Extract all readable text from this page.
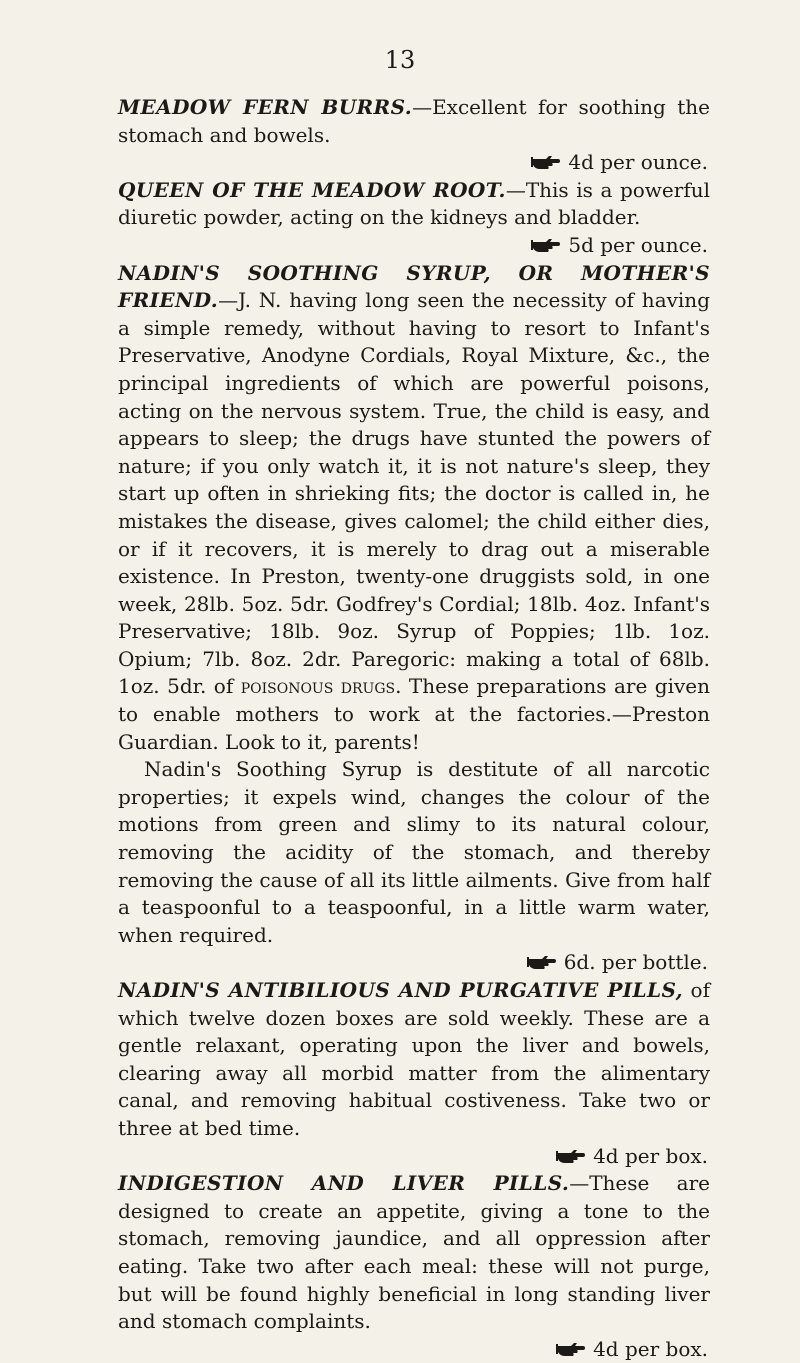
13

MEADOW FERN BURRS.—Excellent for soothing the stomach and bowels.
4d per ounce.

QUEEN OF THE MEADOW ROOT.—This is a powerful diuretic powder, acting on the kidneys and bladder.
5d per ounce.

NADIN'S SOOTHING SYRUP, OR MOTHER'S FRIEND.—J. N. having long seen the necessity of having a simple remedy, without having to resort to Infant's Preservative, Anodyne Cordials, Royal Mixture, &c., the principal ingredients of which are powerful poisons, acting on the nervous system. True, the child is easy, and appears to sleep; the drugs have stunted the powers of nature; if you only watch it, it is not nature's sleep, they start up often in shrieking fits; the doctor is called in, he mistakes the disease, gives calomel; the child either dies, or if it recovers, it is merely to drag out a miserable existence. In Preston, twenty-one druggists sold, in one week, 28lb. 5oz. 5dr. Godfrey's Cordial; 18lb. 4oz. Infant's Preservative; 18lb. 9oz. Syrup of Poppies; 1lb. 1oz. Opium; 7lb. 8oz. 2dr. Paregoric: making a total of 68lb. 1oz. 5dr. of poisonous drugs. These preparations are given to enable mothers to work at the factories.—Preston Guardian. Look to it, parents!

Nadin's Soothing Syrup is destitute of all narcotic properties; it expels wind, changes the colour of the motions from green and slimy to its natural colour, removing the acidity of the stomach, and thereby removing the cause of all its little ailments. Give from half a teaspoonful to a teaspoonful, in a little warm water, when required.
6d. per bottle.

NADIN'S ANTIBILIOUS AND PURGATIVE PILLS, of which twelve dozen boxes are sold weekly. These are a gentle relaxant, operating upon the liver and bowels, clearing away all morbid matter from the alimentary canal, and removing habitual costiveness. Take two or three at bed time.
4d per box.

INDIGESTION AND LIVER PILLS.—These are designed to create an appetite, giving a tone to the stomach, removing jaundice, and all oppression after eating. Take two after each meal: these will not purge, but will be found highly beneficial in long standing liver and stomach complaints.
4d per box.
